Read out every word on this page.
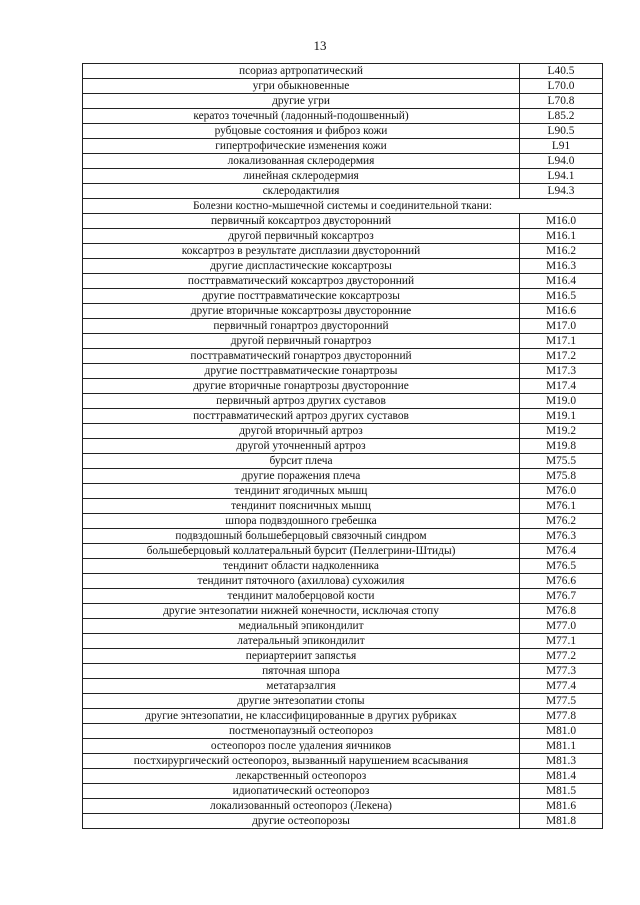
13
псориаз артропатический	L40.5
угри обыкновенные	L70.0
другие угри	L70.8
кератоз точечный (ладонный-подошвенный)	L85.2
рубцовые состояния и фиброз кожи	L90.5
гипертрофические изменения кожи	L91
локализованная склеродермия	L94.0
линейная склеродермия	L94.1
склеродактилия	L94.3
Болезни костно-мышечной системы и соединительной ткани:	
первичный коксартроз двусторонний	M16.0
другой первичный коксартроз	M16.1
коксартроз в результате дисплазии двусторонний	M16.2
другие диспластические коксартрозы	M16.3
посттравматический коксартроз двусторонний	M16.4
другие посттравматические коксартрозы	M16.5
другие вторичные коксартрозы двусторонние	M16.6
первичный гонартроз двусторонний	M17.0
другой первичный гонартроз	M17.1
посттравматический гонартроз двусторонний	M17.2
другие посттравматические гонартрозы	M17.3
другие вторичные гонартрозы двусторонние	M17.4
первичный артроз других суставов	M19.0
посттравматический артроз других суставов	M19.1
другой вторичный артроз	M19.2
другой уточненный артроз	M19.8
бурсит плеча	M75.5
другие поражения плеча	M75.8
тендинит ягодичных мышц	M76.0
тендинит поясничных мышц	M76.1
шпора подвздошного гребешка	M76.2
подвздошный большеберцовый связочный синдром	M76.3
большеберцовый коллатеральный бурсит (Пеллегрини-Штиды)	M76.4
тендинит области надколенника	M76.5
тендинит пяточного (ахиллова) сухожилия	M76.6
тендинит малоберцовой кости	M76.7
другие энтезопатии нижней конечности, исключая стопу	M76.8
медиальный эпикондилит	M77.0
латеральный эпикондилит	M77.1
периартериит запястья	M77.2
пяточная шпора	M77.3
метатарзалгия	M77.4
другие энтезопатии стопы	M77.5
другие энтезопатии, не классифицированные в других рубриках	M77.8
постменопаузный остеопороз	M81.0
остеопороз после удаления яичников	M81.1
постхирургический остеопороз, вызванный нарушением всасывания	M81.3
лекарственный остеопороз	M81.4
идиопатический остеопороз	M81.5
локализованный остеопороз (Лекена)	M81.6
другие остеопорозы	M81.8
